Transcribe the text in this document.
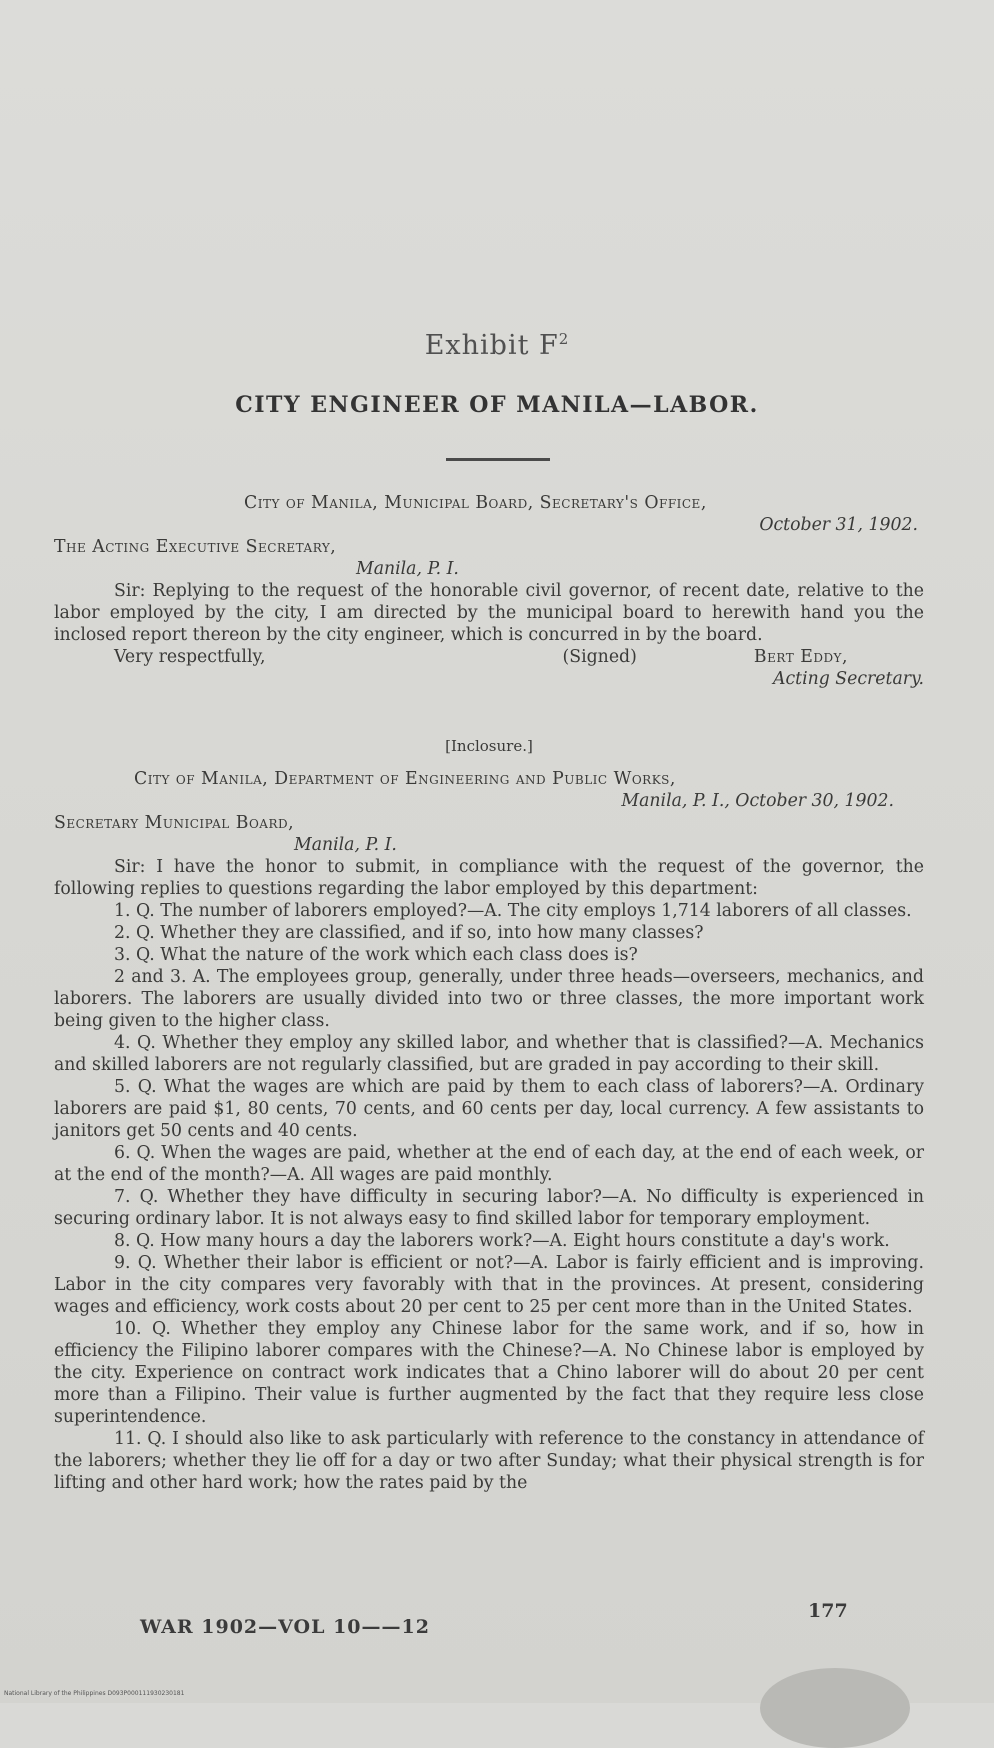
Exhibit $F^2$
CITY ENGINEER OF MANILA—LABOR.
City of Manila, Municipal Board, Secretary's Office,
October 31, 1902.
The Acting Executive Secretary,
Manila, P. I.

Sir: Replying to the request of the honorable civil governor, of recent date, relative to the labor employed by the city, I am directed by the municipal board to herewith hand you the inclosed report thereon by the city engineer, which is concurred in by the board.

Very respectfully,	(Signed)	Bert Eddy,
Acting Secretary.
[Inclosure.]
City of Manila, Department of Engineering and Public Works,
Manila, P. I., October 30, 1902.
Secretary Municipal Board,
Manila, P. I.

Sir: I have the honor to submit, in compliance with the request of the governor, the following replies to questions regarding the labor employed by this department:

1. Q. The number of laborers employed?—A. The city employs 1,714 laborers of all classes.

2. Q. Whether they are classified, and if so, into how many classes?

3. Q. What the nature of the work which each class does is?

2 and 3. A. The employees group, generally, under three heads—overseers, mechanics, and laborers. The laborers are usually divided into two or three classes, the more important work being given to the higher class.

4. Q. Whether they employ any skilled labor, and whether that is classified?—A. Mechanics and skilled laborers are not regularly classified, but are graded in pay according to their skill.

5. Q. What the wages are which are paid by them to each class of laborers?—A. Ordinary laborers are paid $1, 80 cents, 70 cents, and 60 cents per day, local currency. A few assistants to janitors get 50 cents and 40 cents.

6. Q. When the wages are paid, whether at the end of each day, at the end of each week, or at the end of the month?—A. All wages are paid monthly.

7. Q. Whether they have difficulty in securing labor?—A. No difficulty is experienced in securing ordinary labor. It is not always easy to find skilled labor for temporary employment.

8. Q. How many hours a day the laborers work?—A. Eight hours constitute a day's work.

9. Q. Whether their labor is efficient or not?—A. Labor is fairly efficient and is improving. Labor in the city compares very favorably with that in the provinces. At present, considering wages and efficiency, work costs about 20 per cent to 25 per cent more than in the United States.

10. Q. Whether they employ any Chinese labor for the same work, and if so, how in efficiency the Filipino laborer compares with the Chinese?—A. No Chinese labor is employed by the city. Experience on contract work indicates that a Chino laborer will do about 20 per cent more than a Filipino. Their value is further augmented by the fact that they require less close superintendence.

11. Q. I should also like to ask particularly with reference to the constancy in attendance of the laborers; whether they lie off for a day or two after Sunday; what their physical strength is for lifting and other hard work; how the rates paid by the

WAR 1902—VOL 10——12
177
National Library of the Philippines D093P000111930230181
